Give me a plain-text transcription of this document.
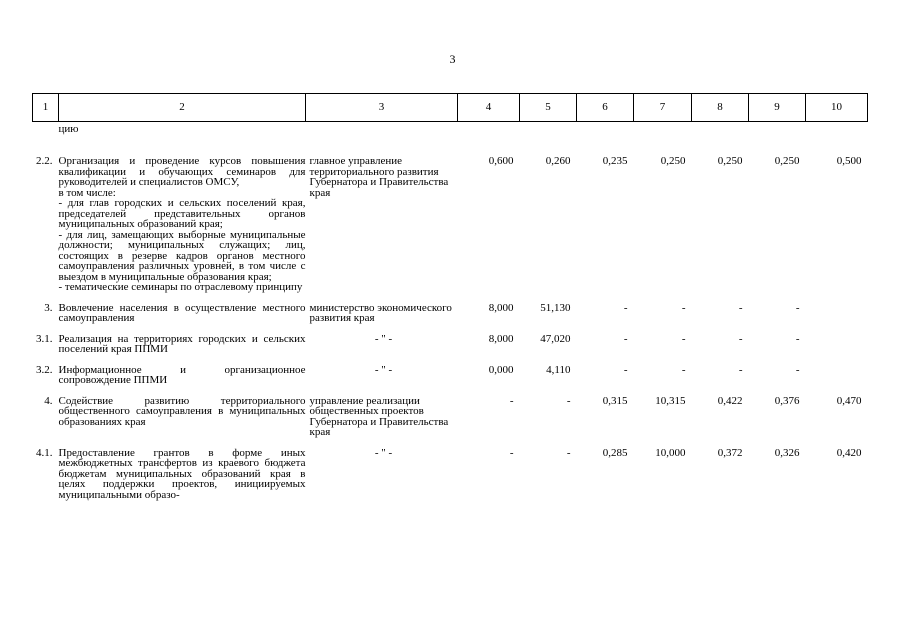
3
1	2	3	4	5	6	7	8	9	10
	цию								
2.2.	Организация и проведение курсов повышения квалификации и обучающих семинаров для руководителей и специалистов ОМСУ,
в том числе:
- для глав городских и сельских поселений края, председателей представительных органов муниципальных образований края;
- для лиц, замещающих выборные муниципальные должности; муниципальных служащих; лиц, состоящих в резерве кадров органов местного самоуправления различных уровней, в том числе с выездом в муниципальные образования края;
- тематические семинары по отраслевому принципу	главное управление территориального развития Губернатора и Правительства края	0,600	0,260	0,235	0,250	0,250	0,250	0,500

3.	Вовлечение населения в осуществление местного самоуправления	министерство экономического развития края	8,000	51,130	-	-	-	-	

3.1.	Реализация на территориях городских и сельских поселений края ППМИ	- " -	8,000	47,020	-	-	-	-	

3.2.	Информационное и организационное сопровождение ППМИ	- " -	0,000	4,110	-	-	-	-	

4.	Содействие развитию территориального общественного самоуправления в муниципальных образованиях края	управление реализации общественных проектов Губернатора и Правительства края	-	-	0,315	10,315	0,422	0,376	0,470

4.1.	Предоставление грантов в форме иных межбюджетных трансфертов из краевого бюджета бюджетам муниципальных образований края в целях поддержки проектов, инициируемых муниципальными образо-	- " -	-	-	0,285	10,000	0,372	0,326	0,420
